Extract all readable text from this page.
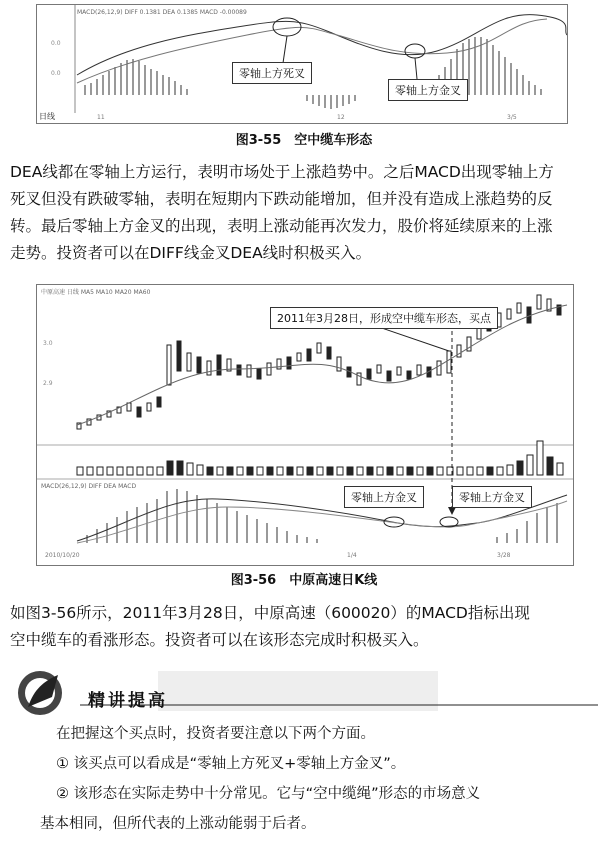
MACD(26,12,9) DIFF 0.1381 DEA 0.1385 MACD -0.00089
0.0
0.0
日线	11	12	3/5
零轴上方死叉
零轴上方金叉
图3-55　空中缆车形态
DEA线都在零轴上方运行，表明市场处于上涨趋势中。之后MACD出现零轴上方
死叉但没有跌破零轴，表明在短期内下跌动能增加，但并没有造成上涨趋势的反
转。最后零轴上方金叉的出现，表明上涨动能再次发力，股价将延续原来的上涨
走势。投资者可以在DIFF线金叉DEA线时积极买入。
中原高速 日线 MA5 MA10 MA20 MA60
3.0
2.9
MACD(26,12,9) DIFF DEA MACD
2010/10/20	1/4	3/28
2011年3月28日，形成空中缆车形态，买点
零轴上方金叉	零轴上方金叉
图3-56　中原高速日K线
如图3-56所示，2011年3月28日，中原高速（600020）的MACD指标出现
空中缆车的看涨形态。投资者可以在该形态完成时积极买入。
精讲提高
在把握这个买点时，投资者要注意以下两个方面。
① 该买点可以看成是“零轴上方死叉+零轴上方金叉”。
② 该形态在实际走势中十分常见。它与“空中缆绳”形态的市场意义
基本相同，但所代表的上涨动能弱于后者。
